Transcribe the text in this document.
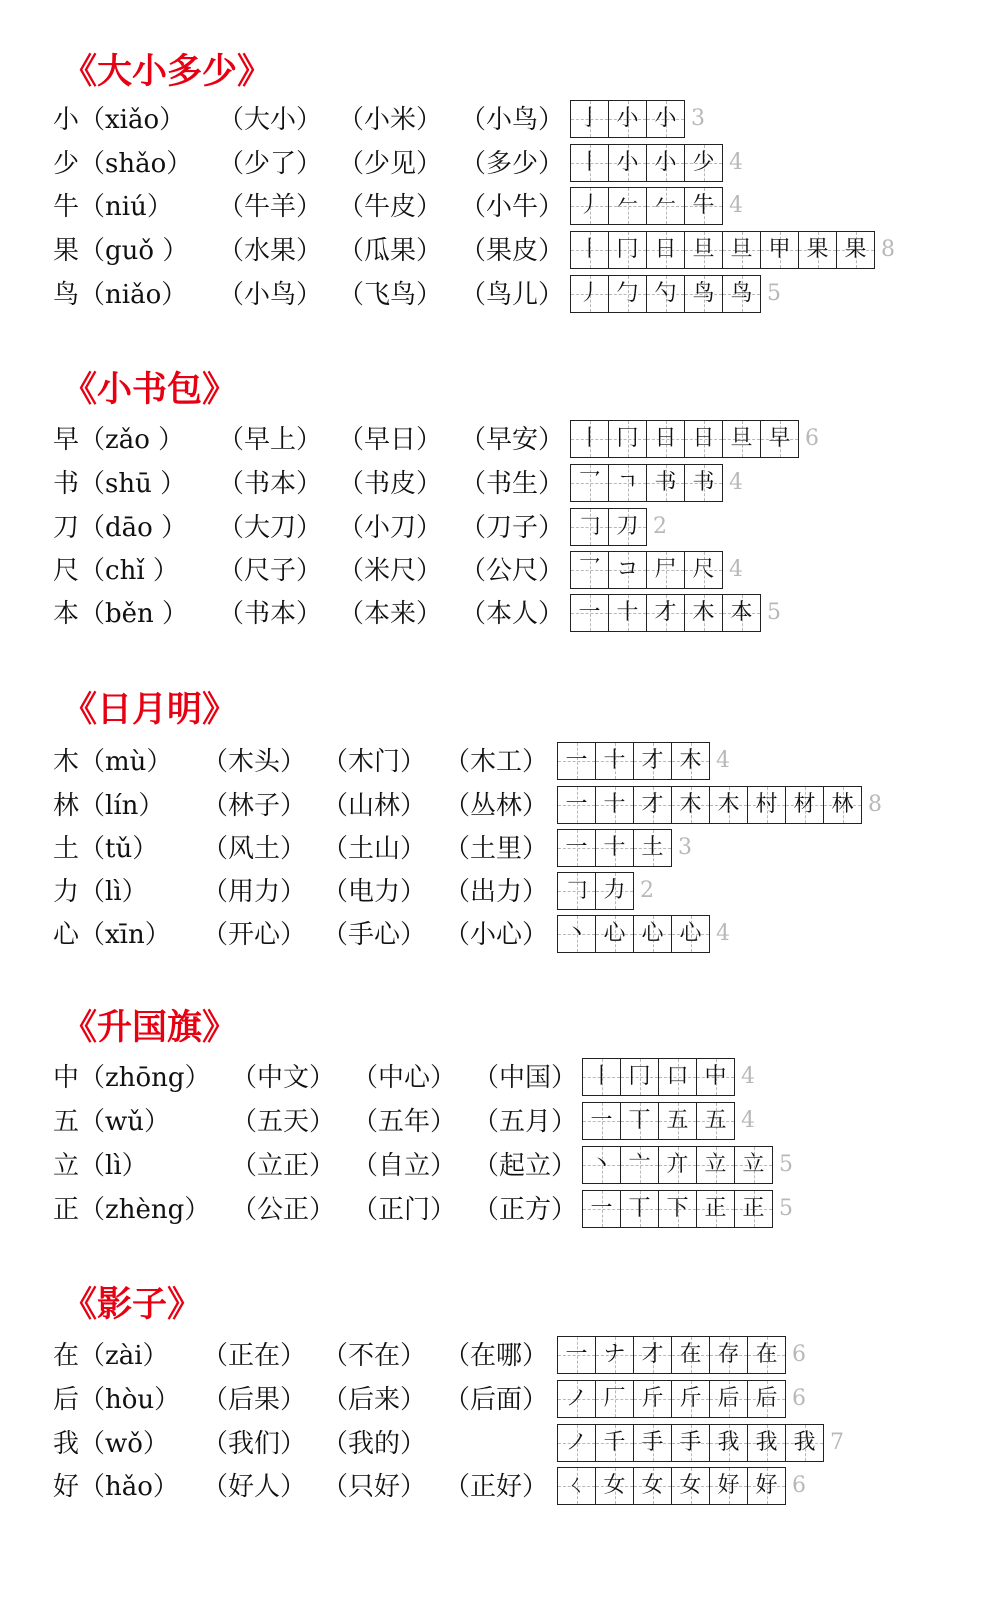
《大小多少》
小（xiǎo） （大小） （小米） （小鸟） 亅 小 小 3
少（shǎo） （少了） （少见） （多少） 丨 小 小 少 4
牛（niú） （牛羊） （牛皮） （小牛） 丿 𠂉 𠂉 牛 4
果（guǒ ） （水果） （瓜果） （果皮） 丨 冂 日 旦 旦 甲 果 果 8
鸟（niǎo） （小鸟） （飞鸟） （鸟儿） 丿 勹 勺 鸟 鸟 5
《小书包》
早（zǎo ） （早上） （早日） （早安） 丨 冂 日 日 旦 早 6
书（shū ） （书本） （书皮） （书生） 乛 ㄱ 书 书 4
刀（dāo ） （大刀） （小刀） （刀子） 𠃌 刀 2
尺（chǐ ） （尺子） （米尺） （公尺） 乛 コ 尸 尺 4
本（běn ） （书本） （本来） （本人） 一 十 才 木 本 5
《日月明》
木（mù） （木头） （木门） （木工） 一 十 才 木 4
林（lín） （林子） （山林） （丛林） 一 十 才 木 木 村 材 林 8
土（tǔ） （风土） （土山） （土里） 一 十 土 3
力（lì） （用力） （电力） （出力） 𠃌 力 2
心（xīn） （开心） （手心） （小心） 丶 心 心 心 4
《升国旗》
中（zhōng） （中文） （中心） （中国） 丨 冂 口 中 4
五（wǔ） （五天） （五年） （五月） 一 丅 五 五 4
立（lì）	（立正） （自立） （起立） 丶 亠 亣 立 立 5
正（zhèng） （公正） （正门） （正方） 一 丅 下 正 正 5
《影子》
在（zài） （正在） （不在） （在哪） 一 ナ 才 在 存 在 6
后（hòu） （后果） （后来） （后面） ノ 厂 斤 斤 后 后 6
我（wǒ） （我们） （我的）	ノ 千 手 手 我 我 我 7
好（hǎo） （好人） （只好） （正好） ㄑ 女 女 女 好 好 6
